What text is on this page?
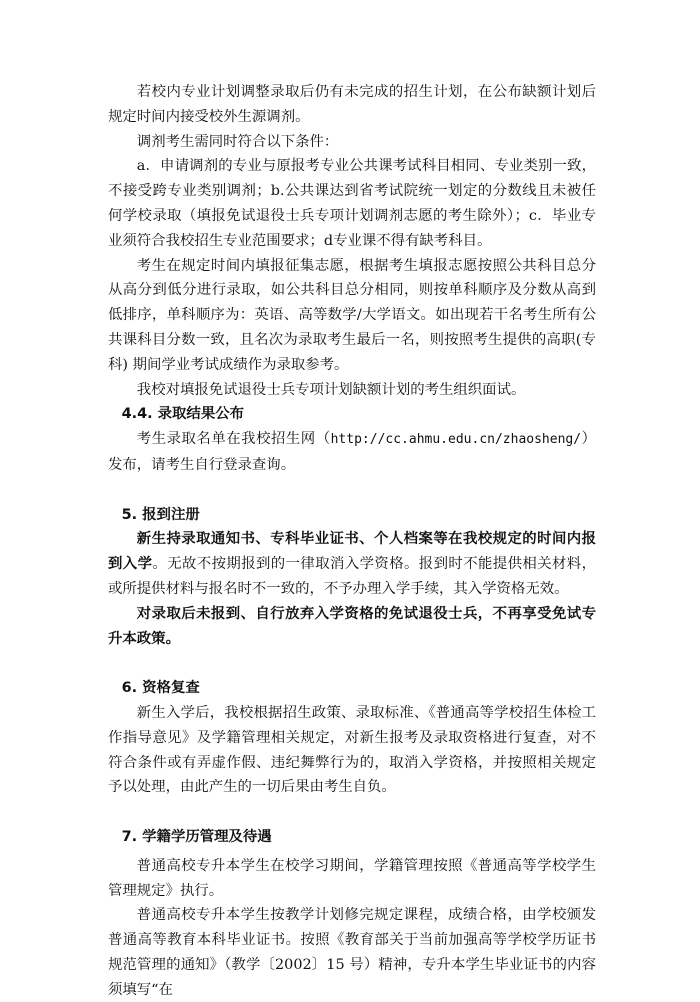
若校内专业计划调整录取后仍有未完成的招生计划，在公布缺额计划后规定时间内接受校外生源调剂。

调剂考生需同时符合以下条件：

a．申请调剂的专业与原报考专业公共课考试科目相同、专业类别一致，不接受跨专业类别调剂；b.公共课达到省考试院统一划定的分数线且未被任何学校录取（填报免试退役士兵专项计划调剂志愿的考生除外）；c．毕业专业须符合我校招生专业范围要求；d专业课不得有缺考科目。

考生在规定时间内填报征集志愿，根据考生填报志愿按照公共科目总分从高分到低分进行录取，如公共科目总分相同，则按单科顺序及分数从高到低排序，单科顺序为：英语、高等数学/大学语文。如出现若干名考生所有公共课科目分数一致，且名次为录取考生最后一名，则按照考生提供的高职(专科) 期间学业考试成绩作为录取参考。

我校对填报免试退役士兵专项计划缺额计划的考生组织面试。

4.4. 录取结果公布

考生录取名单在我校招生网（http://cc.ahmu.edu.cn/zhaosheng/）发布，请考生自行登录查询。

5. 报到注册

新生持录取通知书、专科毕业证书、个人档案等在我校规定的时间内报到入学。无故不按期报到的一律取消入学资格。报到时不能提供相关材料，或所提供材料与报名时不一致的，不予办理入学手续，其入学资格无效。

对录取后未报到、自行放弃入学资格的免试退役士兵，不再享受免试专升本政策。

6. 资格复查

新生入学后，我校根据招生政策、录取标准、《普通高等学校招生体检工作指导意见》及学籍管理相关规定，对新生报考及录取资格进行复查，对不符合条件或有弄虚作假、违纪舞弊行为的，取消入学资格，并按照相关规定予以处理，由此产生的一切后果由考生自负。

7. 学籍学历管理及待遇

普通高校专升本学生在校学习期间，学籍管理按照《普通高等学校学生管理规定》执行。

普通高校专升本学生按教学计划修完规定课程，成绩合格，由学校颁发普通高等教育本科毕业证书。按照《教育部关于当前加强高等学校学历证书规范管理的通知》（教学〔2002〕15 号）精神，专升本学生毕业证书的内容须填写“在
